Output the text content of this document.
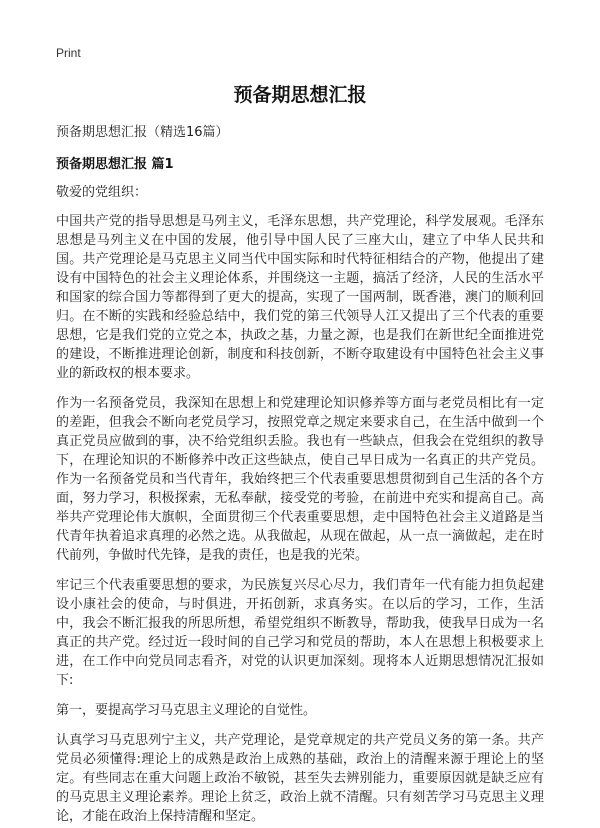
Print
预备期思想汇报
预备期思想汇报（精选16篇）
预备期思想汇报 篇1
敬爱的党组织：

中国共产党的指导思想是马列主义，毛泽东思想，共产党理论，科学发展观。毛泽东思想是马列主义在中国的发展，他引导中国人民了三座大山，建立了中华人民共和国。共产党理论是马克思主义同当代中国实际和时代特征相结合的产物，他提出了建设有中国特色的社会主义理论体系，并围绕这一主题，搞活了经济，人民的生活水平和国家的综合国力等都得到了更大的提高，实现了一国两制，既香港，澳门的顺利回归。在不断的实践和经验总结中，我们党的第三代领导人江又提出了三个代表的重要思想，它是我们党的立党之本，执政之基，力量之源，也是我们在新世纪全面推进党的建设，不断推进理论创新，制度和科技创新，不断夺取建设有中国特色社会主义事业的新政权的根本要求。

作为一名预备党员，我深知在思想上和党建理论知识修养等方面与老党员相比有一定的差距，但我会不断向老党员学习，按照党章之规定来要求自己，在生活中做到一个真正党员应做到的事，决不给党组织丢脸。我也有一些缺点，但我会在党组织的教导下，在理论知识的不断修养中改正这些缺点，使自己早日成为一名真正的共产党员。作为一名预备党员和当代青年，我始终把三个代表重要思想贯彻到自己生活的各个方面，努力学习，积极探索，无私奉献，接受党的考验，在前进中充实和提高自己。高举共产党理论伟大旗帜，全面贯彻三个代表重要思想，走中国特色社会主义道路是当代青年执着追求真理的必然之选。从我做起，从现在做起，从一点一滴做起，走在时代前列，争做时代先锋，是我的责任，也是我的光荣。

牢记三个代表重要思想的要求，为民族复兴尽心尽力，我们青年一代有能力担负起建设小康社会的使命，与时俱进，开拓创新，求真务实。在以后的学习，工作，生活中，我会不断汇报我的所思所想，希望党组织不断教导，帮助我，使我早日成为一名真正的共产党。经过近一段时间的自己学习和党员的帮助，本人在思想上积极要求上进，在工作中向党员同志看齐，对党的认识更加深刻。现将本人近期思想情况汇报如下:

第一，要提高学习马克思主义理论的自觉性。

认真学习马克思列宁主义，共产党理论，是党章规定的共产党员义务的第一条。共产党员必须懂得:理论上的成熟是政治上成熟的基础，政治上的清醒来源于理论上的坚定。有些同志在重大问题上政治不敏锐，甚至失去辨别能力，重要原因就是缺乏应有的马克思主义理论素养。理论上贫乏，政治上就不清醒。只有刻苦学习马克思主义理论，才能在政治上保持清醒和坚定。
